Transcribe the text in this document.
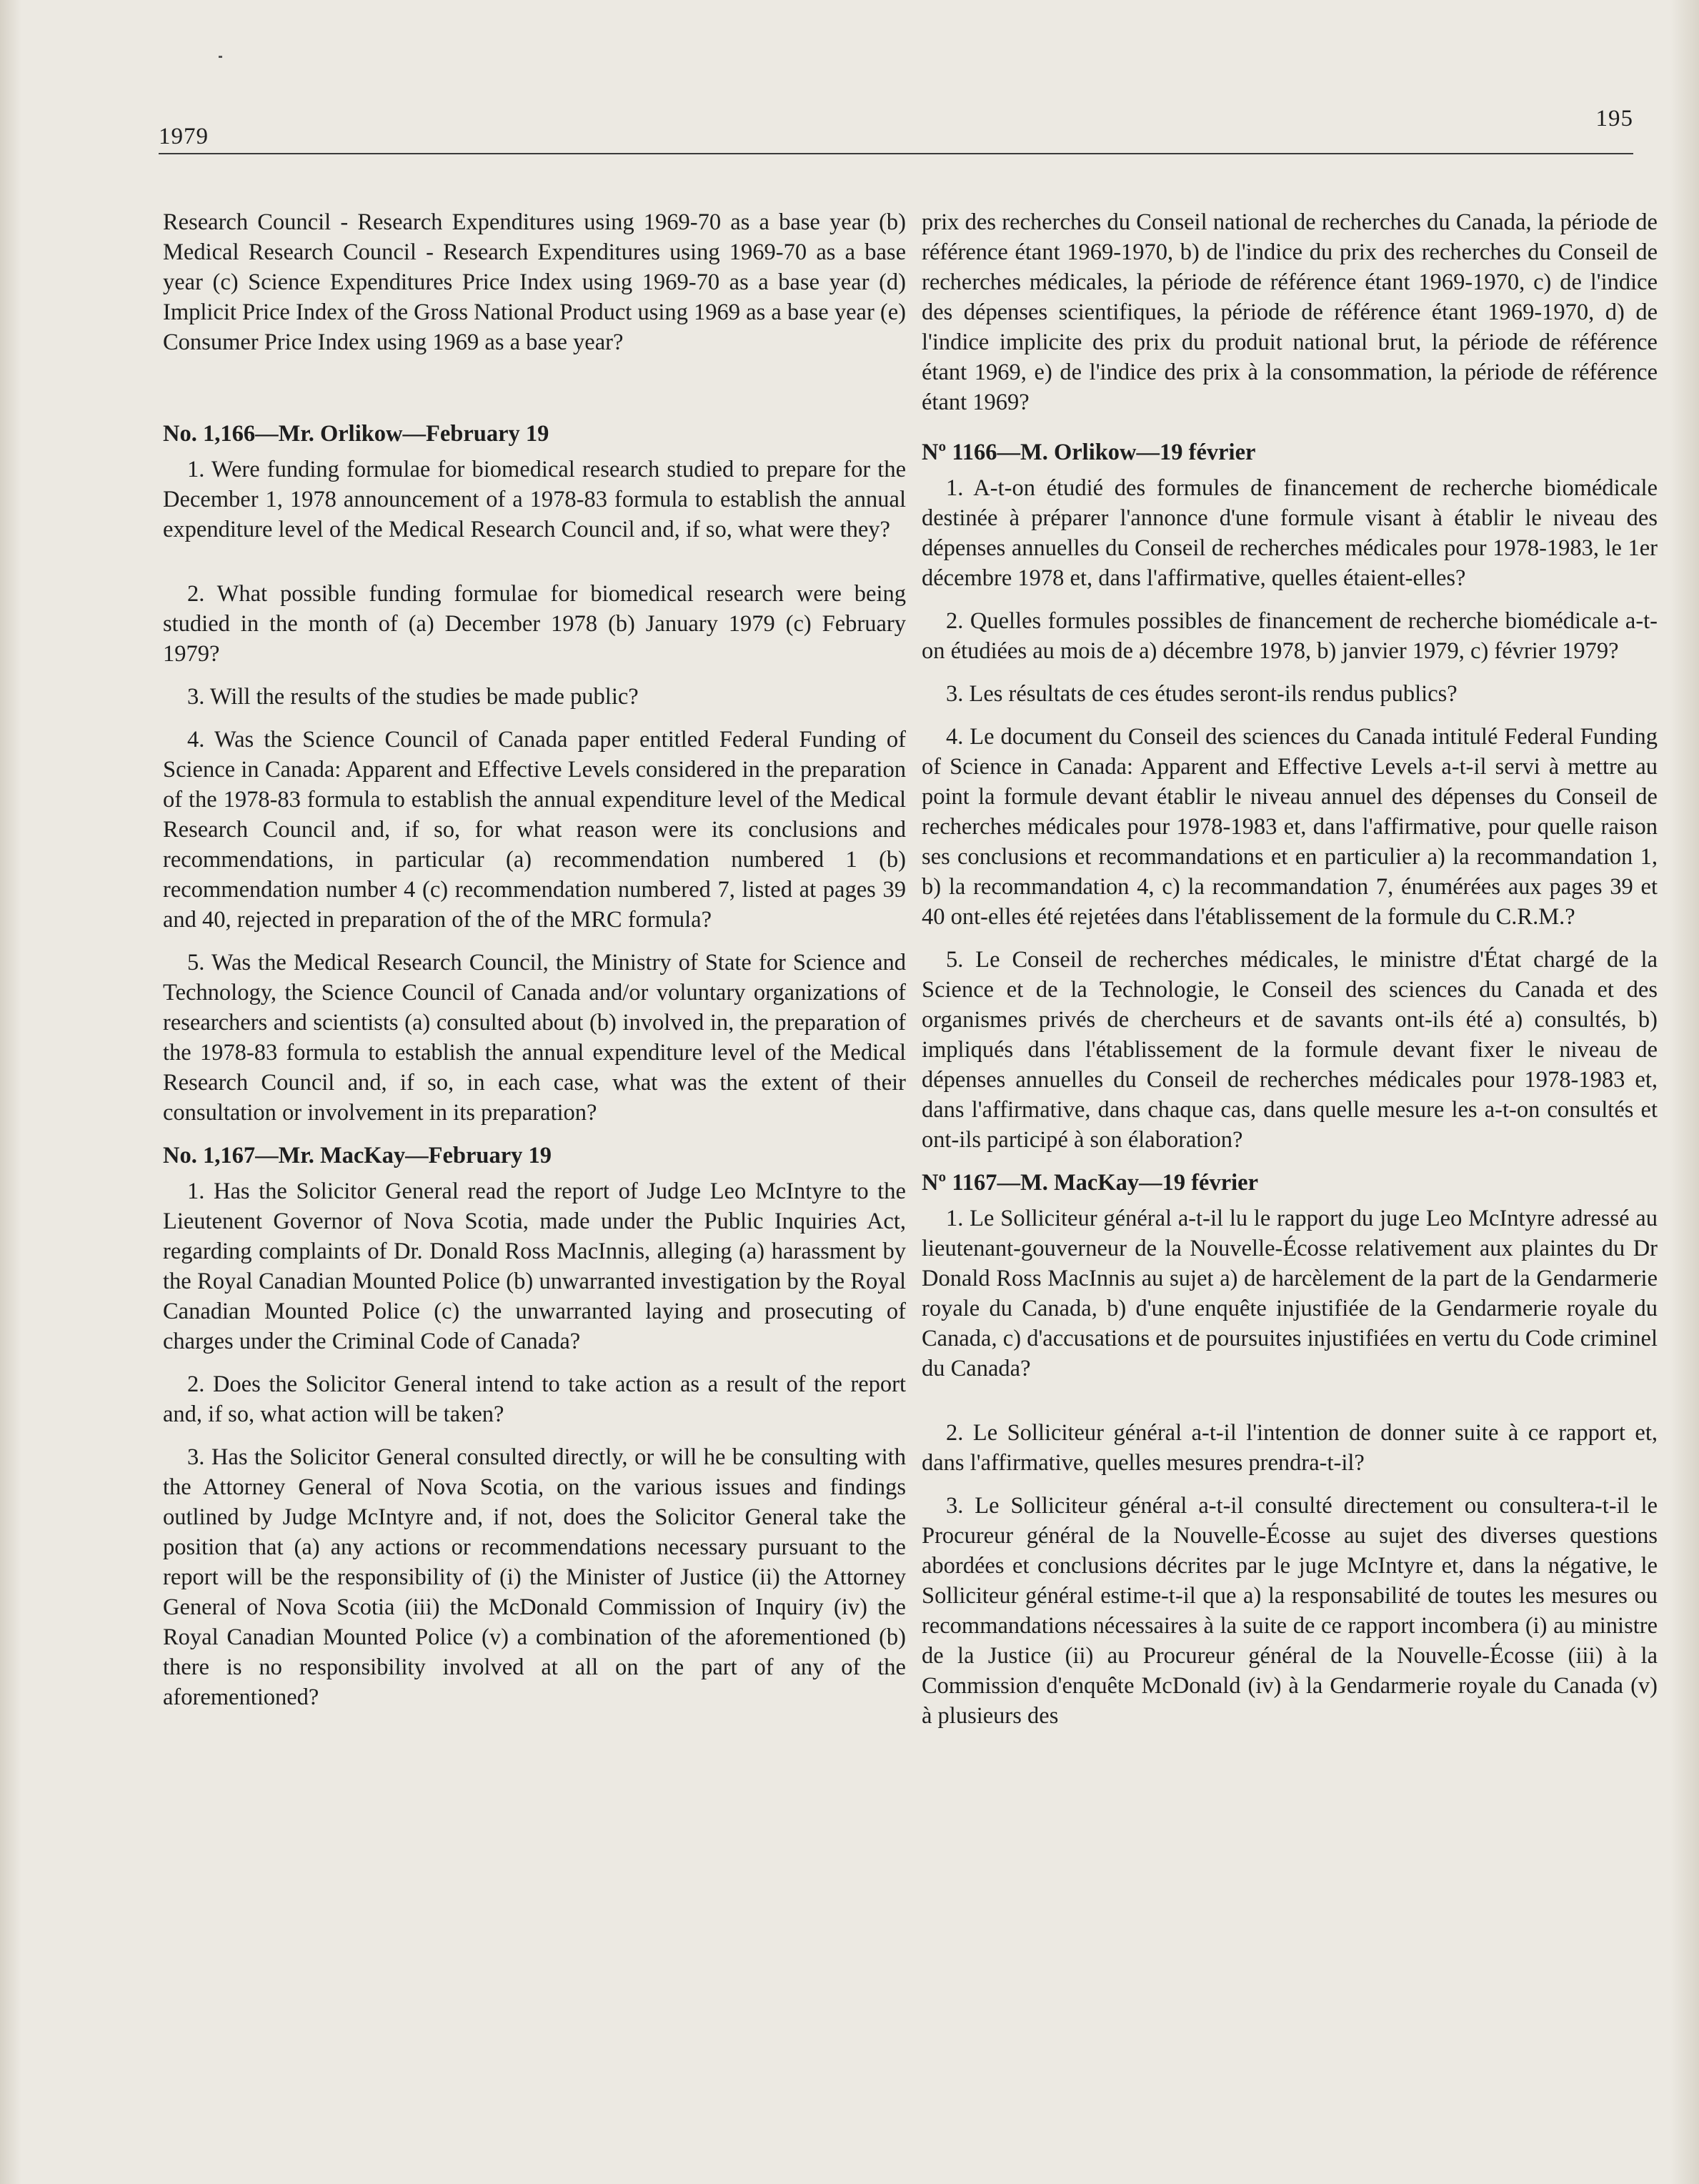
1979
195

Research Council - Research Expenditures using 1969-70 as a base year (b) Medical Research Council - Research Expenditures using 1969-70 as a base year (c) Science Expenditures Price Index using 1969-70 as a base year (d) Implicit Price Index of the Gross National Product using 1969 as a base year (e) Consumer Price Index using 1969 as a base year?

No. 1,166—Mr. Orlikow—February 19

1. Were funding formulae for biomedical research studied to prepare for the December 1, 1978 announcement of a 1978-83 formula to establish the annual expenditure level of the Medical Research Council and, if so, what were they?

2. What possible funding formulae for biomedical research were being studied in the month of (a) December 1978 (b) January 1979 (c) February 1979?

3. Will the results of the studies be made public?

4. Was the Science Council of Canada paper entitled Federal Funding of Science in Canada: Apparent and Effective Levels considered in the preparation of the 1978-83 formula to establish the annual expenditure level of the Medical Research Council and, if so, for what reason were its conclusions and recommendations, in particular (a) recommendation numbered 1 (b) recommendation number 4 (c) recommendation numbered 7, listed at pages 39 and 40, rejected in preparation of the of the MRC formula?

5. Was the Medical Research Council, the Ministry of State for Science and Technology, the Science Council of Canada and/or voluntary organizations of researchers and scientists (a) consulted about (b) involved in, the preparation of the 1978-83 formula to establish the annual expenditure level of the Medical Research Council and, if so, in each case, what was the extent of their consultation or involvement in its preparation?

No. 1,167—Mr. MacKay—February 19

1. Has the Solicitor General read the report of Judge Leo McIntyre to the Lieutenent Governor of Nova Scotia, made under the Public Inquiries Act, regarding complaints of Dr. Donald Ross MacInnis, alleging (a) harassment by the Royal Canadian Mounted Police (b) unwarranted investigation by the Royal Canadian Mounted Police (c) the unwarranted laying and prosecuting of charges under the Criminal Code of Canada?

2. Does the Solicitor General intend to take action as a result of the report and, if so, what action will be taken?

3. Has the Solicitor General consulted directly, or will he be consulting with the Attorney General of Nova Scotia, on the various issues and findings outlined by Judge McIntyre and, if not, does the Solicitor General take the position that (a) any actions or recommendations necessary pursuant to the report will be the responsibility of (i) the Minister of Justice (ii) the Attorney General of Nova Scotia (iii) the McDonald Commission of Inquiry (iv) the Royal Canadian Mounted Police (v) a combination of the aforementioned (b) there is no responsibility involved at all on the part of any of the aforementioned?

prix des recherches du Conseil national de recherches du Canada, la période de référence étant 1969-1970, b) de l'indice du prix des recherches du Conseil de recherches médicales, la période de référence étant 1969-1970, c) de l'indice des dépenses scientifiques, la période de référence étant 1969-1970, d) de l'indice implicite des prix du produit national brut, la période de référence étant 1969, e) de l'indice des prix à la consommation, la période de référence étant 1969?

Nº 1166—M. Orlikow—19 février

1. A-t-on étudié des formules de financement de recherche biomédicale destinée à préparer l'annonce d'une formule visant à établir le niveau des dépenses annuelles du Conseil de recherches médicales pour 1978-1983, le 1er décembre 1978 et, dans l'affirmative, quelles étaient-elles?

2. Quelles formules possibles de financement de recherche biomédicale a-t-on étudiées au mois de a) décembre 1978, b) janvier 1979, c) février 1979?

3. Les résultats de ces études seront-ils rendus publics?

4. Le document du Conseil des sciences du Canada intitulé Federal Funding of Science in Canada: Apparent and Effective Levels a-t-il servi à mettre au point la formule devant établir le niveau annuel des dépenses du Conseil de recherches médicales pour 1978-1983 et, dans l'affirmative, pour quelle raison ses conclusions et recommandations et en particulier a) la recommandation 1, b) la recommandation 4, c) la recommandation 7, énumérées aux pages 39 et 40 ont-elles été rejetées dans l'établissement de la formule du C.R.M.?

5. Le Conseil de recherches médicales, le ministre d'État chargé de la Science et de la Technologie, le Conseil des sciences du Canada et des organismes privés de chercheurs et de savants ont-ils été a) consultés, b) impliqués dans l'établissement de la formule devant fixer le niveau de dépenses annuelles du Conseil de recherches médicales pour 1978-1983 et, dans l'affirmative, dans chaque cas, dans quelle mesure les a-t-on consultés et ont-ils participé à son élaboration?

Nº 1167—M. MacKay—19 février

1. Le Solliciteur général a-t-il lu le rapport du juge Leo McIntyre adressé au lieutenant-gouverneur de la Nouvelle-Écosse relativement aux plaintes du Dr Donald Ross MacInnis au sujet a) de harcèlement de la part de la Gendarmerie royale du Canada, b) d'une enquête injustifiée de la Gendarmerie royale du Canada, c) d'accusations et de poursuites injustifiées en vertu du Code criminel du Canada?

2. Le Solliciteur général a-t-il l'intention de donner suite à ce rapport et, dans l'affirmative, quelles mesures prendra-t-il?

3. Le Solliciteur général a-t-il consulté directement ou consultera-t-il le Procureur général de la Nouvelle-Écosse au sujet des diverses questions abordées et conclusions décrites par le juge McIntyre et, dans la négative, le Solliciteur général estime-t-il que a) la responsabilité de toutes les mesures ou recommandations nécessaires à la suite de ce rapport incombera (i) au ministre de la Justice (ii) au Procureur général de la Nouvelle-Écosse (iii) à la Commission d'enquête McDonald (iv) à la Gendarmerie royale du Canada (v) à plusieurs des
